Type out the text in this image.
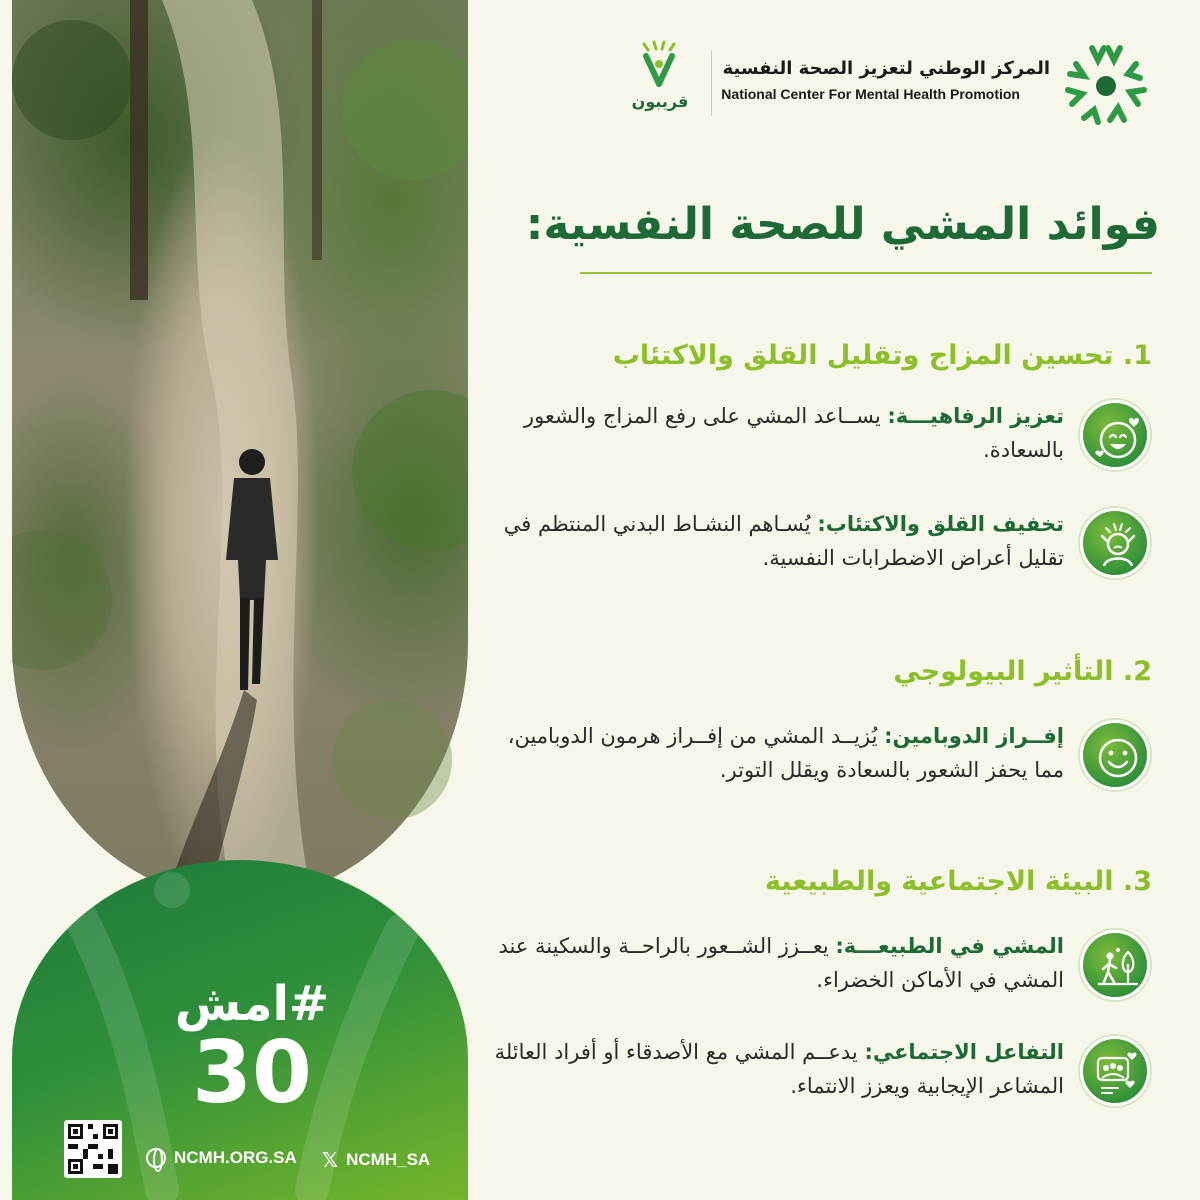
#امش
30
NCMH.ORG.SA 𝕏 NCMH_SA
المركز الوطني لتعزيز الصحة النفسية
National Center For Mental Health Promotion
قريبون
فوائد المشي للصحة النفسية:
1. تحسين المزاج وتقليل القلق والاكتئاب
تعزيز الرفاهيـــة: يســاعد المشي على رفع المزاج والشعور بالسعادة.
تخفيف القلق والاكتئاب: يُسـاهم النشـاط البدني المنتظم في تقليل أعراض الاضطرابات النفسية.
2. التأثير البيولوجي
إفــراز الدوبامين: يُزيــد المشي من إفــراز هرمون الدوبامين، مما يحفز الشعور بالسعادة ويقلل التوتر.
3. البيئة الاجتماعية والطبيعية
المشي في الطبيعـــة: يعــزز الشــعور بالراحــة والسكينة عند المشي في الأماكن الخضراء.
التفاعل الاجتماعي: يدعــم المشي مع الأصدقاء أو أفراد العائلة المشاعر الإيجابية ويعزز الانتماء.
